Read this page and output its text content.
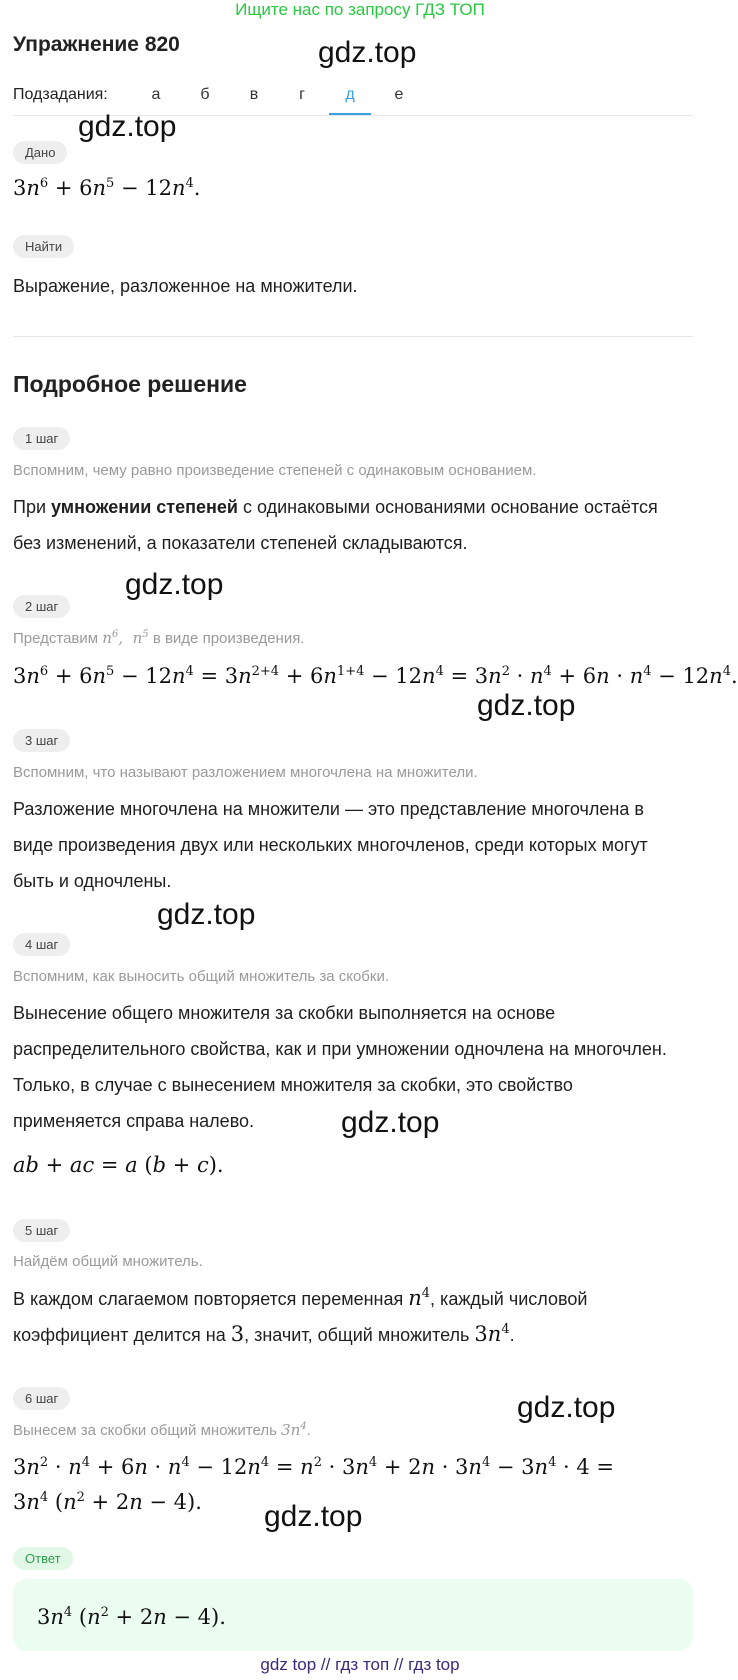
Ищите нас по запросу ГДЗ ТОП
Упражнение 820	gdz.top
Подзадания:	а	б	в	г	д	е
gdz.top
Дано
$3n^6 + 6n^5 - 12n^4$.
Найти
Выражение, разложенное на множители.
Подробное решение
1 шаг
Вспомним, чему равно произведение степеней с одинаковым основанием.
При умножении степеней с одинаковыми основаниями основание остаётся
без изменений, а показатели степеней складываются.
gdz.top
2 шаг
Представим $n^6$,  $n^5$ в виде произведения.
$3n^6 + 6n^5 - 12n^4 = 3n^{2+4} + 6n^{1+4} - 12n^4 = 3n^2 \cdot n^4 + 6n \cdot n^4 - 12n^4$.
gdz.top
3 шаг
Вспомним, что называют разложением многочлена на множители.
Разложение многочлена на множители — это представление многочлена в
виде произведения двух или нескольких многочленов, среди которых могут
быть и одночлены.
gdz.top
4 шаг
Вспомним, как выносить общий множитель за скобки.
Вынесение общего множителя за скобки выполняется на основе
распределительного свойства, как и при умножении одночлена на многочлен.
Только, в случае с вынесением множителя за скобки, это свойство
применяется справа налево.	gdz.top
ab + ac = a (b + c).
5 шаг
Найдём общий множитель.
В каждом слагаемом повторяется переменная $n^4$, каждый числовой
коэффициент делится на 3, значит, общий множитель $3n^4$.
gdz.top
6 шаг
Вынесем за скобки общий множитель $3n^4$.
$3n^2 \cdot n^4 + 6n \cdot n^4 - 12n^4 = n^2 \cdot 3n^4 + 2n \cdot 3n^4 - 3n^4 \cdot 4$ =
$3n^4$ $(n^2 + 2n - 4)$. gdz.top
Ответ
$3n^4$ $(n^2 + 2n - 4)$.
gdz top // гдз топ // гдз top
